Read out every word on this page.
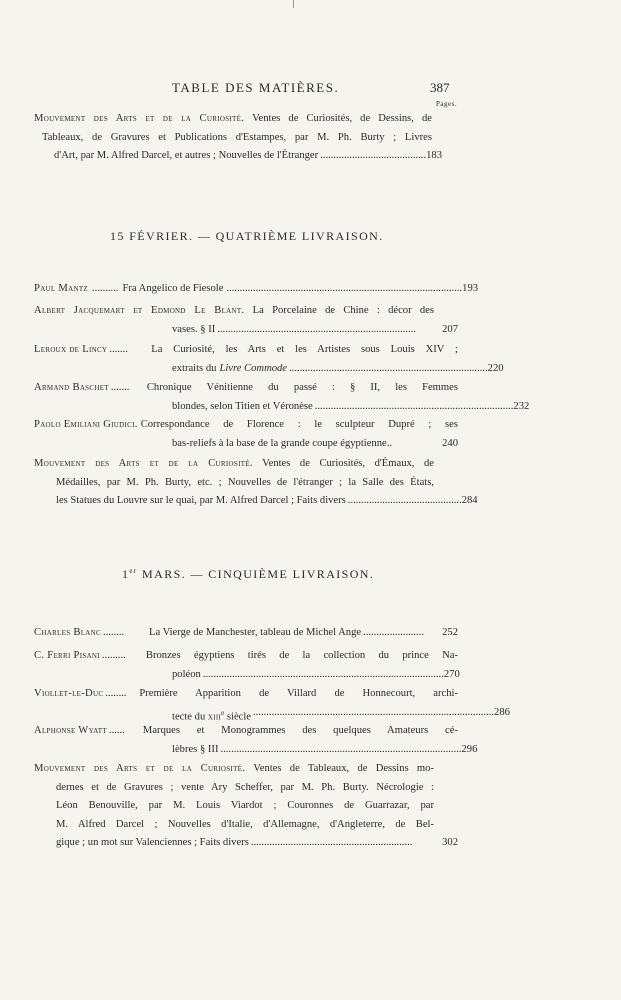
TABLE DES MATIÈRES.	387
Pages.
Mouvement des Arts et de la Curiosité. Ventes de Curiosités, de Dessins, de
Tableaux, de Gravures et Publications d'Estampes, par M. Ph. Burty ; Livres
d'Art, par M. Alfred Darcel, et autres ; Nouvelles de l'Étranger ........................................ 183
15 FÉVRIER. — QUATRIÈME LIVRAISON.
Paul Mantz .......... Fra Angelico de Fiesole ......................................................................................... 193
Albert Jacquemart et Edmond Le Blant. La Porcelaine de Chine : décor des
vases. § II ...........................................................................	207
Leroux de Lincy .......	La Curiosité, les Arts et les Artistes sous Louis XIV ;
extraits du Livre Commode ........................................................................... 220
Armand Baschet .......	Chronique Vénitienne du passé : § II, les Femmes
blondes, selon Titien et Véronèse ........................................................................... 232
Paolo Emiliani Giudici. Correspondance de Florence : le sculpteur Dupré ; ses
bas-reliefs à la base de la grande coupe égyptienne..	240
Mouvement des Arts et de la Curiosité. Ventes de Curiosités, d'Émaux, de
Médailles, par M. Ph. Burty, etc. ; Nouvelles de l'étranger ; la Salle des États,
les Statues du Louvre sur le quai, par M. Alfred Darcel ; Faits divers ........................................... 284
1er MARS. — CINQUIÈME LIVRAISON.
Charles Blanc ........	La Vierge de Manchester, tableau de Michel Ange .......................	252
C. Ferri Pisani .........	Bronzes égyptiens tirés de la collection du prince Na-
poléon ........................................................................................... 270
Viollet-le-Duc ........	Première Apparition de Villard de Honnecourt, archi-
tecte du xiii$^e$ siècle ........................................................................................... 286
Alphonse Wyatt ......	Marques et Monogrammes des quelques Amateurs cé-
lèbres § III ........................................................................................... 296
Mouvement des Arts et de la Curiosité. Ventes de Tableaux, de Dessins mo-
dernes et de Gravures ; vente Ary Scheffer, par M. Ph. Burty. Nécrologie :
Léon Benouville, par M. Louis Viardot ; Couronnes de Guarrazar, par
M. Alfred Darcel ; Nouvelles d'Italie, d'Allemagne, d'Angleterre, de Bel-
gique ; un mot sur Valenciennes ; Faits divers .............................................................	302
